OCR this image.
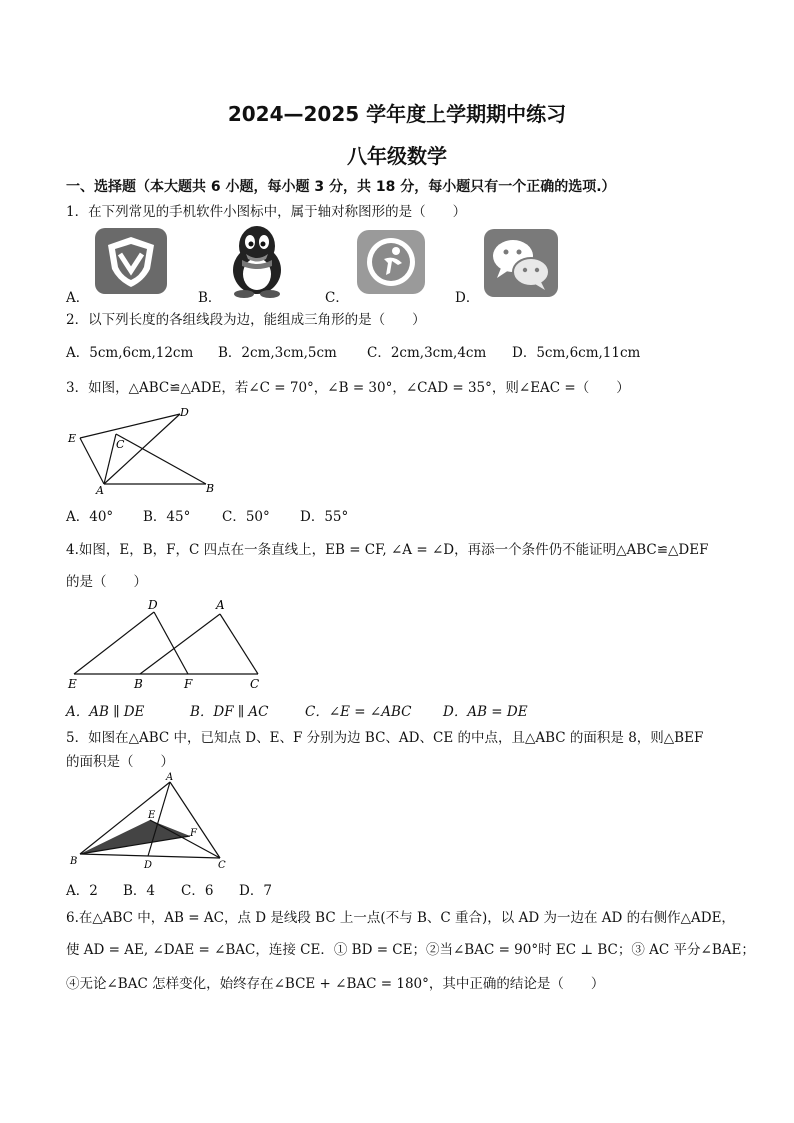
2024—2025 学年度上学期期中练习
八年级数学
一、选择题（本大题共 6 小题，每小题 3 分，共 18 分，每小题只有一个正确的选项.）
1．在下列常见的手机软件小图标中，属于轴对称图形的是（　　）
A．	B．	C．	D．
2．以下列长度的各组线段为边，能组成三角形的是（　　）
A．5cm,6cm,12cm B．2cm,3cm,5cm C．2cm,3cm,4cm D．5cm,6cm,11cm
3．如图，△ABC≌△ADE，若∠C = 70°，∠B = 30°，∠CAD = 35°，则∠EAC =（　　）
D
E	C
A	B
A．40° B．45° C．50° D．55°
4.如图，E，B，F，C 四点在一条直线上，EB = CF, ∠A = ∠D，再添一个条件仍不能证明△ABC≌△DEF
的是（　　）
D	A
E	B	F	C
A．AB ∥ DE	B．DF ∥ AC	C．∠E = ∠ABC D．AB = DE
5．如图在△ABC 中，已知点 D、E、F 分别为边 BC、AD、CE 的中点，且△ABC 的面积是 8，则△BEF
的面积是（　　）
A
E
F
B	D	C
A．2 B．4 C．6 D．7
6.在△ABC 中，AB = AC，点 D 是线段 BC 上一点(不与 B、C 重合)，以 AD 为一边在 AD 的右侧作△ADE，
使 AD = AE, ∠DAE = ∠BAC，连接 CE．① BD = CE；②当∠BAC = 90°时 EC ⊥ BC；③ AC 平分∠BAE；
④无论∠BAC 怎样变化，始终存在∠BCE + ∠BAC = 180°，其中正确的结论是（　　）
